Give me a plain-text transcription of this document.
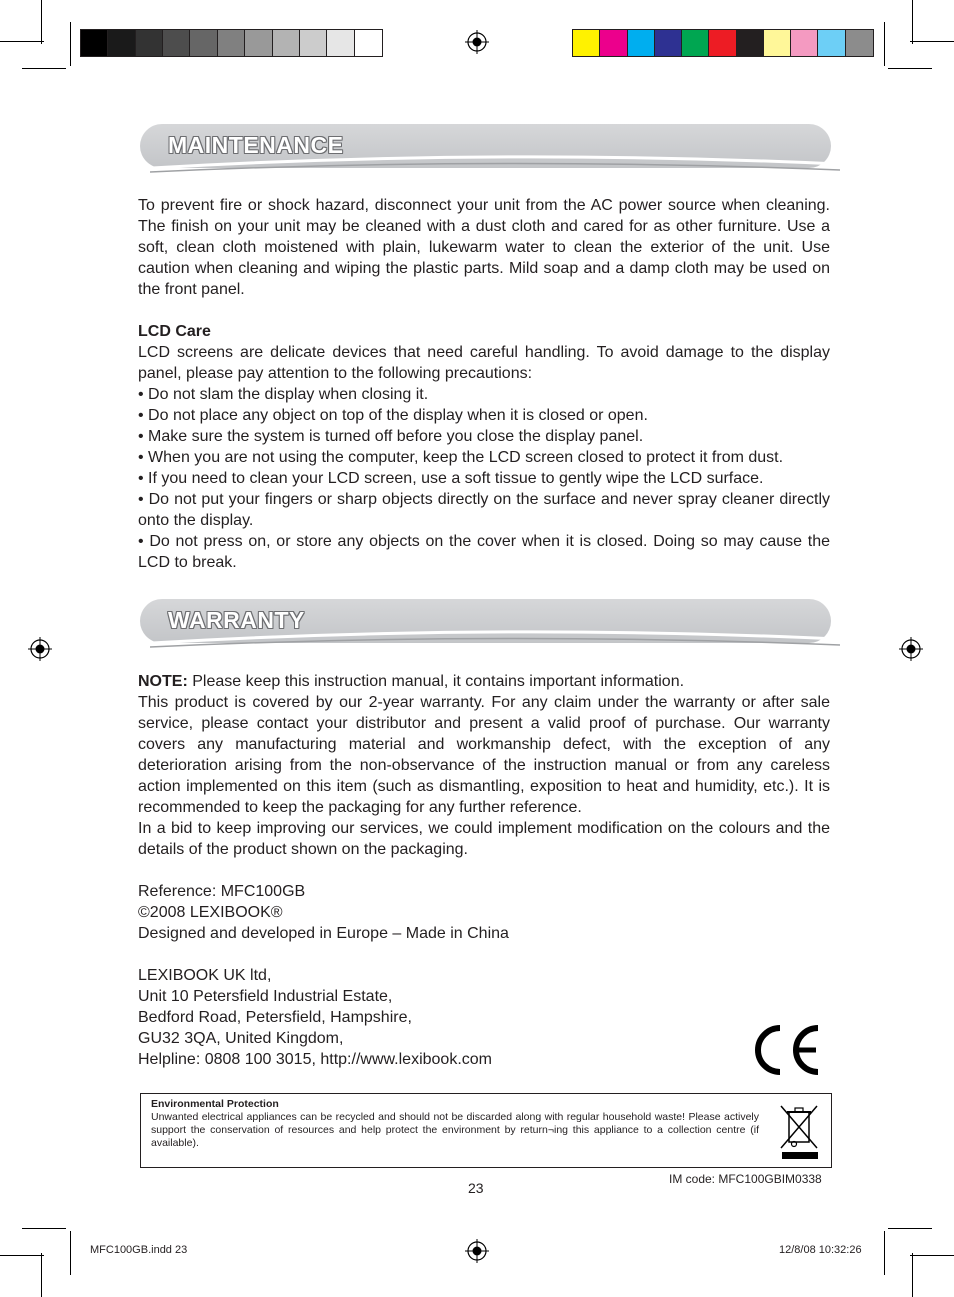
MAINTENANCE

To prevent fire or shock hazard, disconnect your unit from the AC power source when cleaning. The finish on your unit may be cleaned with a dust cloth and cared for as other furniture. Use a soft, clean cloth moistened with plain, lukewarm water to clean the exterior of the unit. Use caution when cleaning and wiping the plastic parts. Mild soap and a damp cloth may be used on the front panel.

LCD Care

LCD screens are delicate devices that need careful handling. To avoid damage to the display panel, please pay attention to the following precautions:

• Do not slam the display when closing it.

• Do not place any object on top of the display when it is closed or open.

• Make sure the system is turned off before you close the display panel.

• When you are not using the computer, keep the LCD screen closed to protect it from dust.

• If you need to clean your LCD screen, use a soft tissue to gently wipe the LCD surface.

• Do not put your fingers or sharp objects directly on the surface and never spray cleaner directly onto the display.

• Do not press on, or store any objects on the cover when it is closed. Doing so may cause the LCD to break.

WARRANTY

NOTE: Please keep this instruction manual, it contains important information.

This product is covered by our 2-year warranty. For any claim under the warranty or after sale service, please contact your distributor and present a valid proof of purchase. Our warranty covers any manufacturing material and workmanship defect, with the exception of any deterioration arising from the non-observance of the instruction manual or from any careless action implemented on this item (such as dismantling, exposition to heat and humidity, etc.). It is recommended to keep the packaging for any further reference.

In a bid to keep improving our services, we could implement modification on the colours and the details of the product shown on the packaging.

Reference: MFC100GB

©2008 LEXIBOOK®

Designed and developed in Europe – Made in China

LEXIBOOK UK ltd,

Unit 10 Petersfield Industrial Estate,

Bedford Road, Petersfield, Hampshire,

GU32 3QA, United Kingdom,

Helpline: 0808 100 3015, http://www.lexibook.com

Environmental Protection

Unwanted electrical appliances can be recycled and should not be discarded along with regular household waste! Please actively support the conservation of resources and help protect the environment by return¬ing this appliance to a collection centre (if available).

23
IM code: MFC100GBIM0338
MFC100GB.indd 23	12/8/08 10:32:26
